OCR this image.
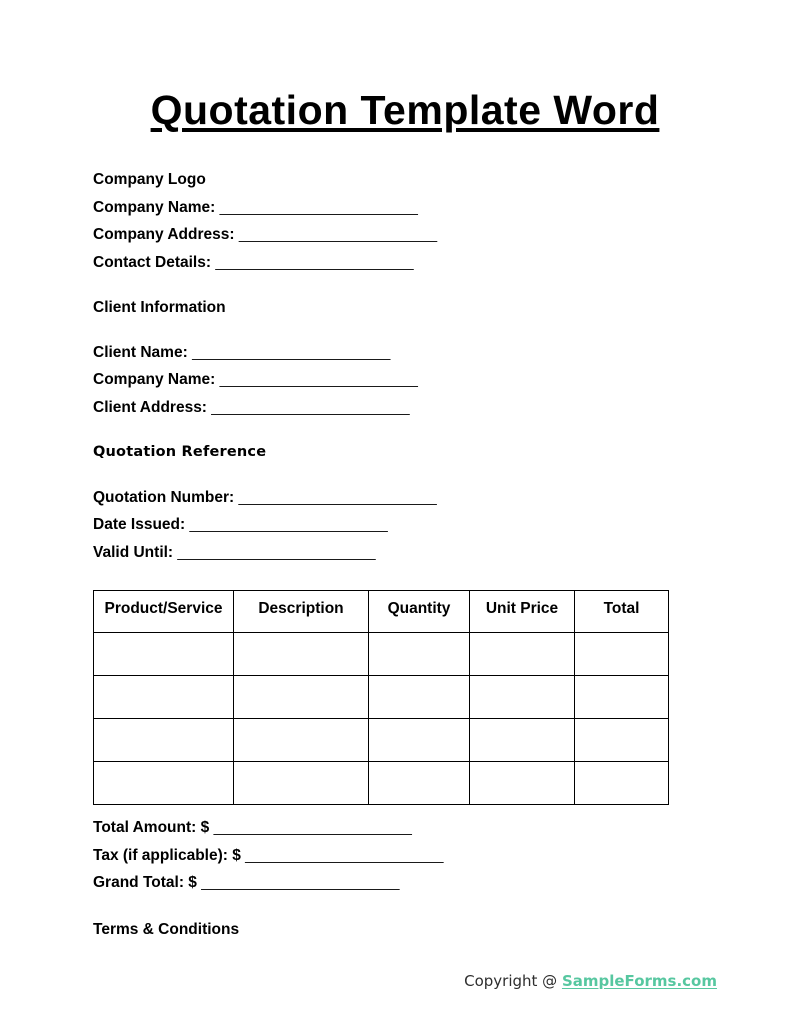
Quotation Template Word

Company Logo

Company Name: _______________________

Company Address: _______________________

Contact Details: _______________________

Client Information

Client Name: _______________________

Company Name: _______________________

Client Address: _______________________

Quotation Reference

Quotation Number: _______________________

Date Issued: _______________________

Valid Until: _______________________

Product/Service	Description	Quantity	Unit Price	Total

Total Amount: $ _______________________

Tax (if applicable): $ _______________________

Grand Total: $ _______________________

Terms & Conditions

Copyright @ SampleForms.com
